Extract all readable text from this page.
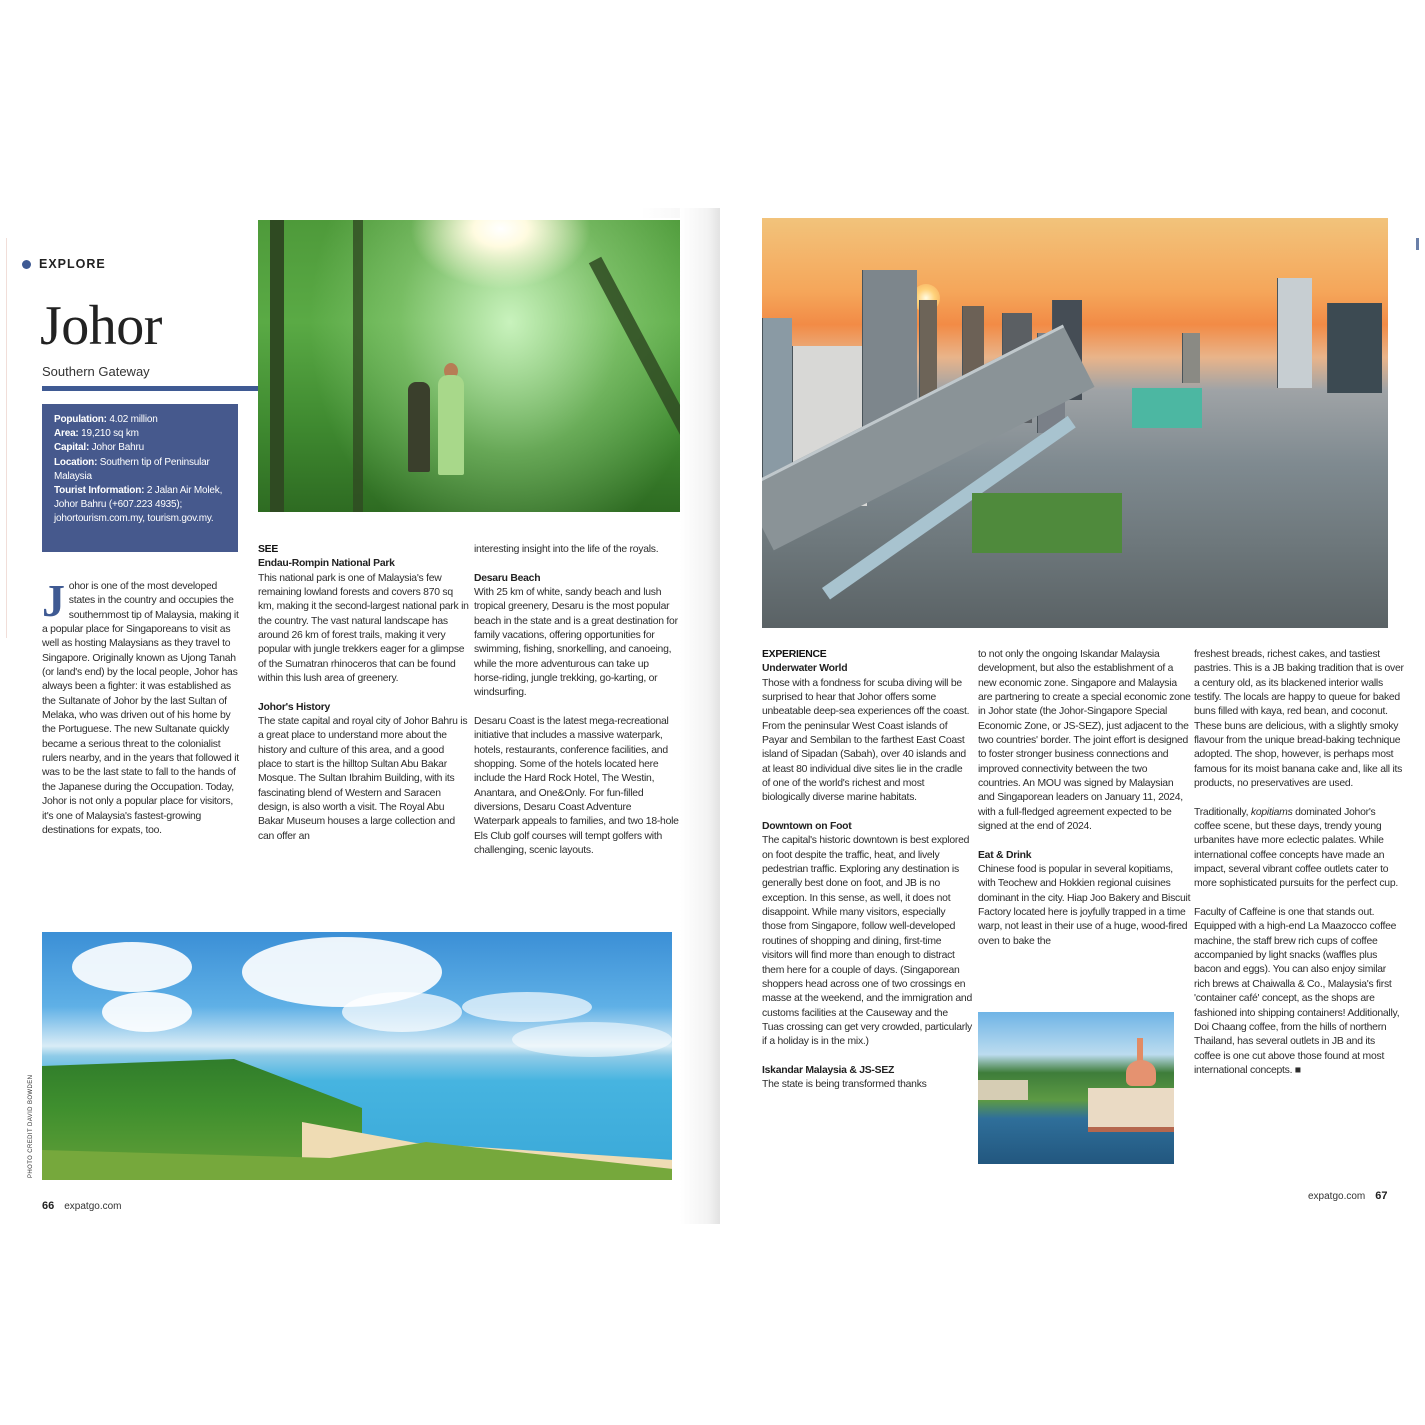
EXPLORE
Johor
Southern Gateway
Population: 4.02 million
Area: 19,210 sq km
Capital: Johor Bahru
Location: Southern tip of Peninsular Malaysia
Tourist Information: 2 Jalan Air Molek, Johor Bahru (+607.223 4935); johortourism.com.my, tourism.gov.my.
J ohor is one of the most developed states in the country and occupies the southernmost tip of Malaysia, making it a popular place for Singaporeans to visit as well as hosting Malaysians as they travel to Singapore. Originally known as Ujong Tanah (or land's end) by the local people, Johor has always been a fighter: it was established as the Sultanate of Johor by the last Sultan of Melaka, who was driven out of his home by the Portuguese. The new Sultanate quickly became a serious threat to the colonialist rulers nearby, and in the years that followed it was to be the last state to fall to the hands of the Japanese during the Occupation. Today, Johor is not only a popular place for visitors, it's one of Malaysia's fastest-growing destinations for expats, too.
SEE
Endau-Rompin National Park

This national park is one of Malaysia's few remaining lowland forests and covers 870 sq km, making it the second-largest national park in the country. The vast natural landscape has around 26 km of forest trails, making it very popular with jungle trekkers eager for a glimpse of the Sumatran rhinoceros that can be found within this lush area of greenery.

Johor's History

The state capital and royal city of Johor Bahru is a great place to understand more about the history and culture of this area, and a good place to start is the hilltop Sultan Abu Bakar Mosque. The Sultan Ibrahim Building, with its fascinating blend of Western and Saracen design, is also worth a visit. The Royal Abu Bakar Museum houses a large collection and can offer an

interesting insight into the life of the royals.

Desaru Beach

With 25 km of white, sandy beach and lush tropical greenery, Desaru is the most popular beach in the state and is a great destination for family vacations, offering opportunities for swimming, fishing, snorkelling, and canoeing, while the more adventurous can take up horse-riding, jungle trekking, go-karting, or windsurfing.

Desaru Coast is the latest mega-recreational initiative that includes a massive waterpark, hotels, restaurants, conference facilities, and shopping. Some of the hotels located here include the Hard Rock Hotel, The Westin, Anantara, and One&Only. For fun-filled diversions, Desaru Coast Adventure Waterpark appeals to families, and two 18-hole Els Club golf courses will tempt golfers with challenging, scenic layouts.

PHOTO CREDIT DAVID BOWDEN
66 expatgo.com
EXPERIENCE
Underwater World

Those with a fondness for scuba diving will be surprised to hear that Johor offers some unbeatable deep-sea experiences off the coast. From the peninsular West Coast islands of Payar and Sembilan to the farthest East Coast island of Sipadan (Sabah), over 40 islands and at least 80 individual dive sites lie in the cradle of one of the world's richest and most biologically diverse marine habitats.

Downtown on Foot

The capital's historic downtown is best explored on foot despite the traffic, heat, and lively pedestrian traffic. Exploring any destination is generally best done on foot, and JB is no exception. In this sense, as well, it does not disappoint. While many visitors, especially those from Singapore, follow well-developed routines of shopping and dining, first-time visitors will find more than enough to distract them here for a couple of days. (Singaporean shoppers head across one of two crossings en masse at the weekend, and the immigration and customs facilities at the Causeway and the Tuas crossing can get very crowded, particularly if a holiday is in the mix.)

Iskandar Malaysia & JS-SEZ
The state is being transformed thanks

to not only the ongoing Iskandar Malaysia development, but also the establishment of a new economic zone. Singapore and Malaysia are partnering to create a special economic zone in Johor state (the Johor-Singapore Special Economic Zone, or JS-SEZ), just adjacent to the two countries' border. The joint effort is designed to foster stronger business connections and improved connectivity between the two countries. An MOU was signed by Malaysian and Singaporean leaders on January 11, 2024, with a full-fledged agreement expected to be signed at the end of 2024.

Eat & Drink

Chinese food is popular in several kopitiams, with Teochew and Hokkien regional cuisines dominant in the city. Hiap Joo Bakery and Biscuit Factory located here is joyfully trapped in a time warp, not least in their use of a huge, wood-fired oven to bake the

freshest breads, richest cakes, and tastiest pastries. This is a JB baking tradition that is over a century old, as its blackened interior walls testify. The locals are happy to queue for baked buns filled with kaya, red bean, and coconut. These buns are delicious, with a slightly smoky flavour from the unique bread-baking technique adopted. The shop, however, is perhaps most famous for its moist banana cake and, like all its products, no preservatives are used.

Traditionally, kopitiams dominated Johor's coffee scene, but these days, trendy young urbanites have more eclectic palates. While international coffee concepts have made an impact, several vibrant coffee outlets cater to more sophisticated pursuits for the perfect cup.

Faculty of Caffeine is one that stands out. Equipped with a high-end La Maazocco coffee machine, the staff brew rich cups of coffee accompanied by light snacks (waffles plus bacon and eggs). You can also enjoy similar rich brews at Chaiwalla & Co., Malaysia's first 'container café' concept, as the shops are fashioned into shipping containers! Additionally, Doi Chaang coffee, from the hills of northern Thailand, has several outlets in JB and its coffee is one cut above those found at most international concepts. ■

expatgo.com 67
